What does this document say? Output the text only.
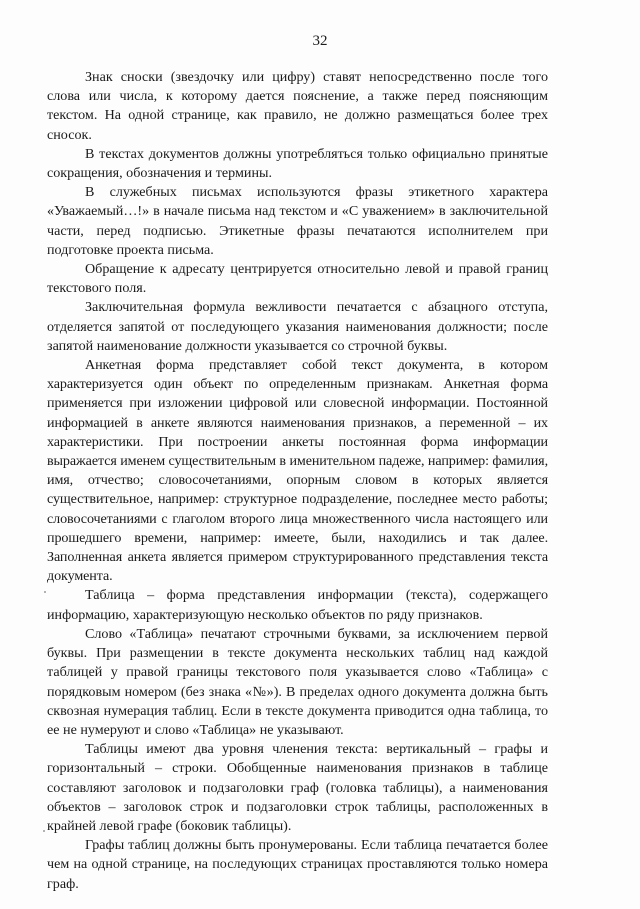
32

Знак сноски (звездочку или цифру) ставят непосредственно после того слова или числа, к которому дается пояснение, а также перед поясняющим текстом. На одной странице, как правило, не должно размещаться более трех сносок.

В текстах документов должны употребляться только официально принятые сокращения, обозначения и термины.

В служебных письмах используются фразы этикетного характера «Уважаемый…!» в начале письма над текстом и «С уважением» в заключительной части, перед подписью. Этикетные фразы печатаются исполнителем при подготовке проекта письма.

Обращение к адресату центрируется относительно левой и правой границ текстового поля.

Заключительная формула вежливости печатается с абзацного отступа, отделяется запятой от последующего указания наименования должности; после запятой наименование должности указывается со строчной буквы.

Анкетная форма представляет собой текст документа, в котором характеризуется один объект по определенным признакам. Анкетная форма применяется при изложении цифровой или словесной информации. Постоянной информацией в анкете являются наименования признаков, а переменной – их характеристики. При построении анкеты постоянная форма информации выражается именем существительным в именительном падеже, например: фамилия, имя, отчество; словосочетаниями, опорным словом в которых является существительное, например: структурное подразделение, последнее место работы; словосочетаниями с глаголом второго лица множественного числа настоящего или прошедшего времени, например: имеете, были, находились и так далее. Заполненная анкета является примером структурированного представления текста документа.

Таблица – форма представления информации (текста), содержащего информацию, характеризующую несколько объектов по ряду признаков.

Слово «Таблица» печатают строчными буквами, за исключением первой буквы. При размещении в тексте документа нескольких таблиц над каждой таблицей у правой границы текстового поля указывается слово «Таблица» с порядковым номером (без знака «№»). В пределах одного документа должна быть сквозная нумерация таблиц. Если в тексте документа приводится одна таблица, то ее не нумеруют и слово «Таблица» не указывают.

Таблицы имеют два уровня членения текста: вертикальный – графы и горизонтальный – строки. Обобщенные наименования признаков в таблице составляют заголовок и подзаголовки граф (головка таблицы), а наименования объектов – заголовок строк и подзаголовки строк таблицы, расположенных в крайней левой графе (боковик таблицы).

Графы таблиц должны быть пронумерованы. Если таблица печатается более чем на одной странице, на последующих страницах проставляются только номера граф.
